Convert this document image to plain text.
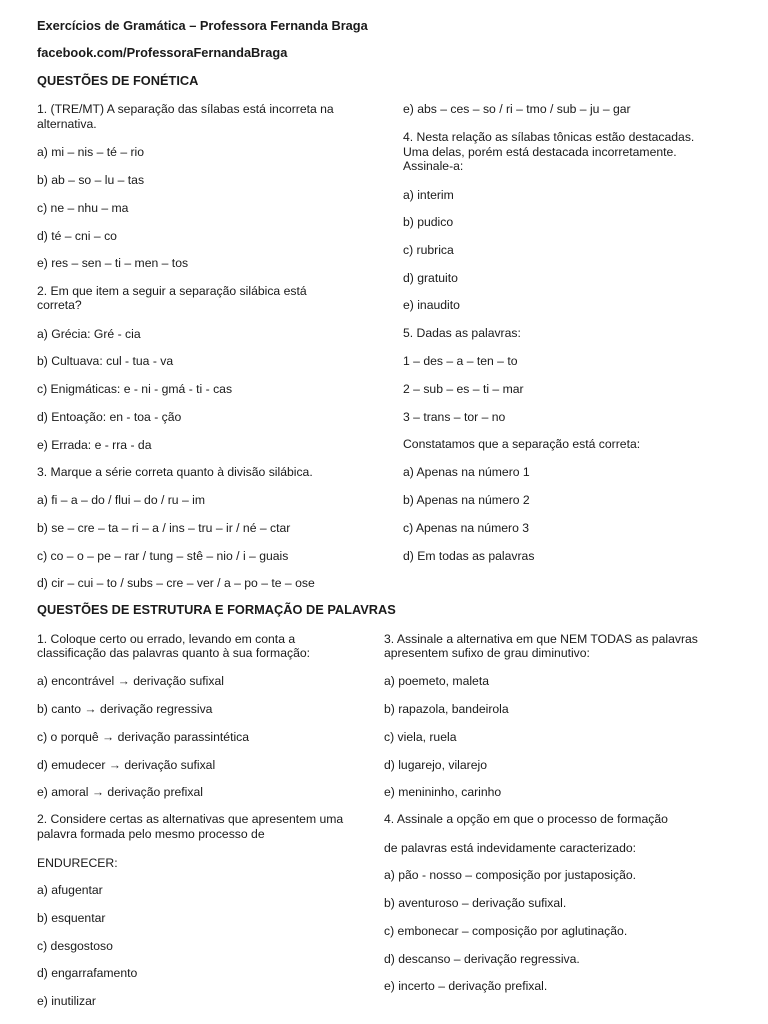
Exercícios de Gramática – Professora Fernanda Braga
facebook.com/ProfessoraFernandaBraga
QUESTÕES DE FONÉTICA
1. (TRE/MT) A separação das sílabas está incorreta na
alternativa.
a) mi – nis – té – rio
b) ab – so – lu – tas
c) ne – nhu – ma
d) té – cni – co
e) res – sen – ti – men – tos
2. Em que item a seguir a separação silábica está
correta?
a) Grécia: Gré - cia
b) Cultuava: cul - tua - va
c) Enigmáticas: e - ni - gmá - ti - cas
d) Entoação: en - toa - ção
e) Errada: e - rra - da
3. Marque a série correta quanto à divisão silábica.
a) fi – a – do / flui – do / ru – im
b) se – cre – ta – ri – a / ins – tru – ir / né – ctar
c) co – o – pe – rar / tung – stê – nio / i – guais
d) cir – cui – to / subs – cre – ver / a – po – te – ose
e) abs – ces – so / ri – tmo / sub – ju – gar
4. Nesta relação as sílabas tônicas estão destacadas.
Uma delas, porém está destacada incorretamente.
Assinale-a:
a) interim
b) pudico
c) rubrica
d) gratuito
e) inaudito
5. Dadas as palavras:
1 – des – a – ten – to
2 – sub – es – ti – mar
3 – trans – tor – no
Constatamos que a separação está correta:
a) Apenas na número 1
b) Apenas na número 2
c) Apenas na número 3
d) Em todas as palavras
QUESTÕES DE ESTRUTURA E FORMAÇÃO DE PALAVRAS
1. Coloque certo ou errado, levando em conta a
classificação das palavras quanto à sua formação:
a) encontrável → derivação sufixal
b) canto → derivação regressiva
c) o porquê → derivação parassintética
d) emudecer → derivação sufixal
e) amoral → derivação prefixal
2. Considere certas as alternativas que apresentem uma
palavra formada pelo mesmo processo de
ENDURECER:
a) afugentar
b) esquentar
c) desgostoso
d) engarrafamento
e) inutilizar
3. Assinale a alternativa em que NEM TODAS as palavras
apresentem sufixo de grau diminutivo:
a) poemeto, maleta
b) rapazola, bandeirola
c) viela, ruela
d) lugarejo, vilarejo
e) menininho, carinho
4. Assinale a opção em que o processo de formação
de palavras está indevidamente caracterizado:
a) pão - nosso – composição por justaposição.
b) aventuroso – derivação sufixal.
c) embonecar – composição por aglutinação.
d) descanso – derivação regressiva.
e) incerto – derivação prefixal.
